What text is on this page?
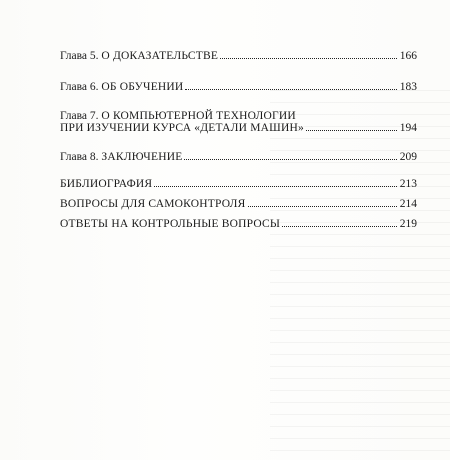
Глава 5. О ДОКАЗАТЕЛЬСТВЕ	166
Глава 6. ОБ ОБУЧЕНИИ	183
Глава 7. О КОМПЬЮТЕРНОЙ ТЕХНОЛОГИИ
ПРИ ИЗУЧЕНИИ КУРСА «ДЕТАЛИ МАШИН»	194
Глава 8. ЗАКЛЮЧЕНИЕ	209
БИБЛИОГРАФИЯ	213
ВОПРОСЫ ДЛЯ САМОКОНТРОЛЯ	214
ОТВЕТЫ НА КОНТРОЛЬНЫЕ ВОПРОСЫ	219
